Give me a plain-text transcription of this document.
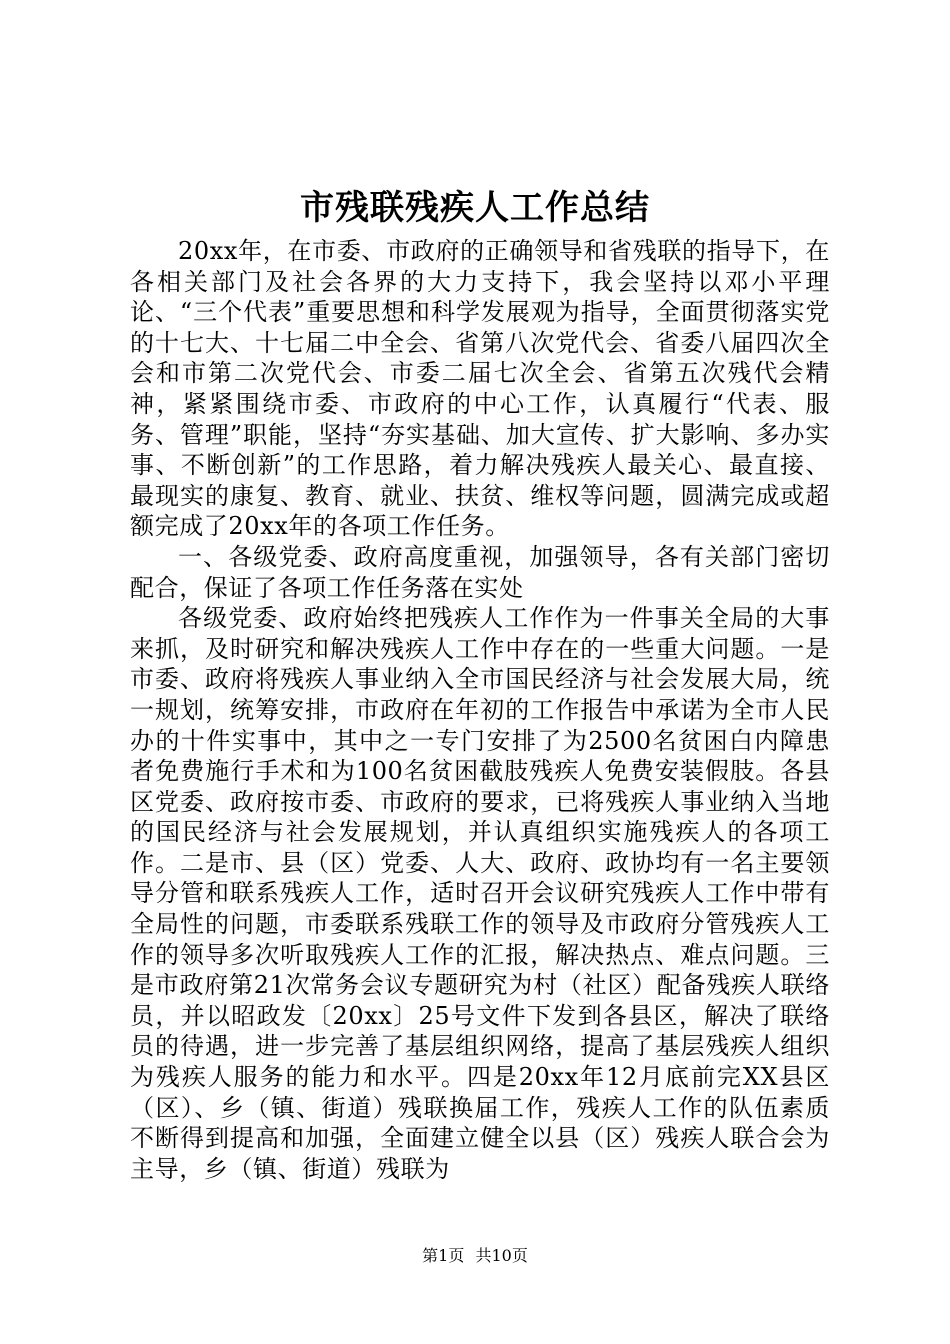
市残联残疾人工作总结

20xx年，在市委、市政府的正确领导和省残联的指导下，在各相关部门及社会各界的大力支持下，我会坚持以邓小平理论、“三个代表”重要思想和科学发展观为指导，全面贯彻落实党的十七大、十七届二中全会、省第八次党代会、省委八届四次全会和市第二次党代会、市委二届七次全会、省第五次残代会精神，紧紧围绕市委、市政府的中心工作，认真履行“代表、服务、管理”职能，坚持“夯实基础、加大宣传、扩大影响、多办实事、不断创新”的工作思路，着力解决残疾人最关心、最直接、最现实的康复、教育、就业、扶贫、维权等问题，圆满完成或超额完成了20xx年的各项工作任务。

一、各级党委、政府高度重视，加强领导，各有关部门密切配合，保证了各项工作任务落在实处

各级党委、政府始终把残疾人工作作为一件事关全局的大事来抓，及时研究和解决残疾人工作中存在的一些重大问题。一是市委、政府将残疾人事业纳入全市国民经济与社会发展大局，统一规划，统筹安排，市政府在年初的工作报告中承诺为全市人民办的十件实事中，其中之一专门安排了为2500名贫困白内障患者免费施行手术和为100名贫困截肢残疾人免费安装假肢。各县区党委、政府按市委、市政府的要求，已将残疾人事业纳入当地的国民经济与社会发展规划，并认真组织实施残疾人的各项工作。二是市、县（区）党委、人大、政府、政协均有一名主要领导分管和联系残疾人工作，适时召开会议研究残疾人工作中带有全局性的问题，市委联系残联工作的领导及市政府分管残疾人工作的领导多次听取残疾人工作的汇报，解决热点、难点问题。三是市政府第21次常务会议专题研究为村（社区）配备残疾人联络员，并以昭政发〔20xx〕25号文件下发到各县区，解决了联络员的待遇，进一步完善了基层组织网络，提高了基层残疾人组织为残疾人服务的能力和水平。四是20xx年12月底前完XX县区（区）、乡（镇、街道）残联换届工作，残疾人工作的队伍素质不断得到提高和加强，全面建立健全以县（区）残疾人联合会为主导，乡（镇、街道）残联为

第1页 共10页
